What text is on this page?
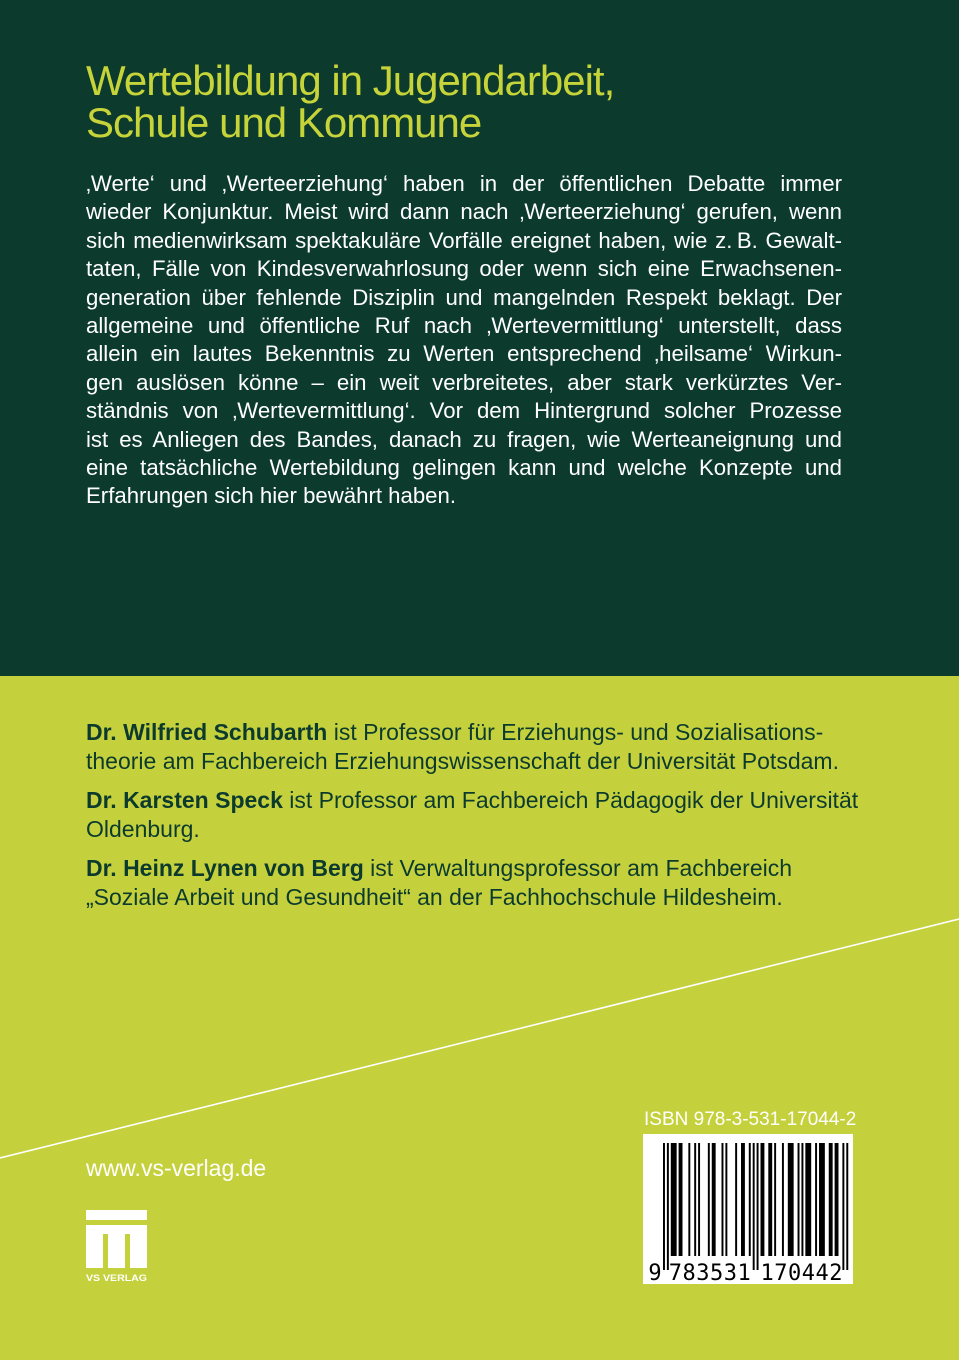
Wertebildung in Jugendarbeit,
Schule und Kommune
‚Werte‘ und ‚Werteerziehung‘ haben in der öffentlichen Debatte immer
wieder Konjunktur. Meist wird dann nach ‚Werteerziehung‘ gerufen, wenn
sich medienwirksam spektakuläre Vorfälle ereignet haben, wie z. B. Gewalt-
taten, Fälle von Kindesverwahrlosung oder wenn sich eine Erwachsenen-
generation über fehlende Disziplin und mangelnden Respekt beklagt. Der
allgemeine und öffentliche Ruf nach ‚Wertevermittlung‘ unterstellt, dass
allein ein lautes Bekenntnis zu Werten entsprechend ‚heilsame‘ Wirkun-
gen auslösen könne – ein weit verbreitetes, aber stark verkürztes Ver-
ständnis von ‚Wertevermittlung‘. Vor dem Hintergrund solcher Prozesse
ist es Anliegen des Bandes, danach zu fragen, wie Werteaneignung und
eine tatsächliche Wertebildung gelingen kann und welche Konzepte und
Erfahrungen sich hier bewährt haben.
Dr. Wilfried Schubarth ist Professor für Erziehungs- und Sozialisations-
theorie am Fachbereich Erziehungswissenschaft der Universität Potsdam.
Dr. Karsten Speck ist Professor am Fachbereich Pädagogik der Universität
Oldenburg.
Dr. Heinz Lynen von Berg ist Verwaltungsprofessor am Fachbereich
„Soziale Arbeit und Gesundheit“ an der Fachhochschule Hildesheim.
ISBN 978-3-531-17044-2
9 783531 170442
www.vs-verlag.de
VS VERLAG
